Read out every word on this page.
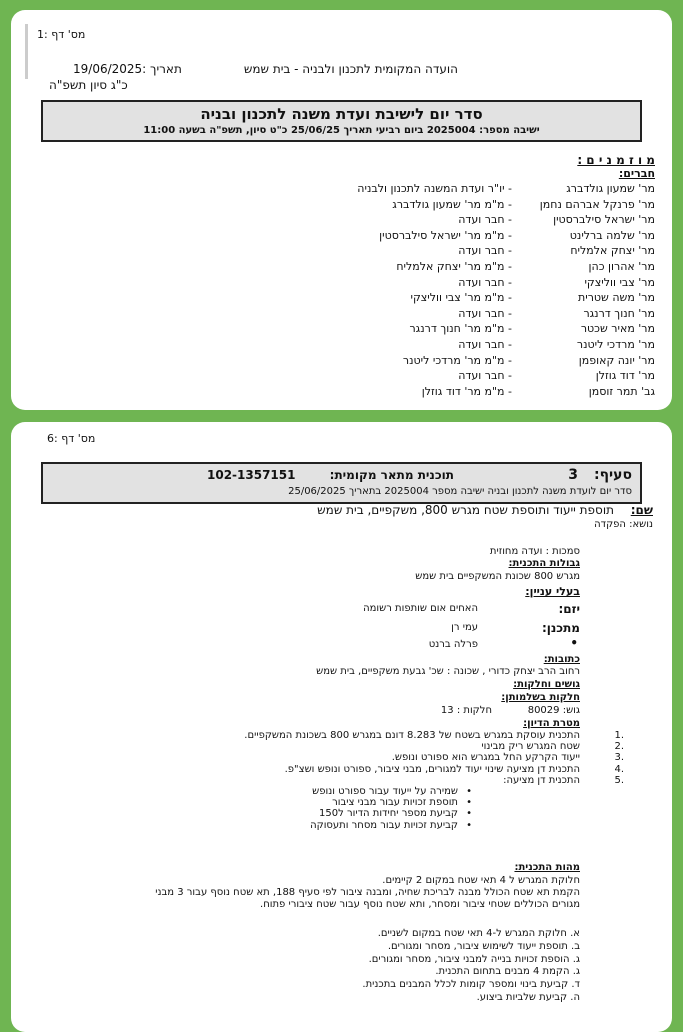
מס' דף :1
תאריך :19/06/2025
כ"ג סיון תשפ"ה
הועדה המקומית לתכנון ולבניה - בית שמש
סדר יום לישיבת ועדת משנה לתכנון ובניה
ישיבה מספר: 2025004 ביום רביעי תאריך 25/06/25 כ"ט סיון, תשפ"ה בשעה 11:00
מ ו ז מ נ י ם :
חברים:
מר' שמעון גולדברג
- יו"ר ועדת המשנה לתכנון ולבניה
מר' פרנקל אברהם נחמן
- מ"מ מר' שמעון גולדברג
מר' ישראל סילברסטין
- חבר ועדה
מר' שלמה ברלינט
- מ"מ מר' ישראל סילברסטין
מר' יצחק אלמליח
- חבר ועדה
מר' אהרון כהן
- מ"מ מר' יצחק אלמליח
מר' צבי ווליצקי
- חבר ועדה
מר' משה שטרית
- מ"מ מר' צבי ווליצקי
מר' חנוך דרנגר
- חבר ועדה
מר' מאיר שכטר
- מ"מ מר' חנוך דרנגר
מר' מרדכי ליטנר
- חבר ועדה
מר' יונה קאופמן
- מ"מ מר' מרדכי ליטנר
מר' דוד גוזלן
- חבר ועדה
גב' תמר זוסמן
- מ"מ מר' דוד גוזלן
מס' דף :6
סעיף:
3
תוכנית מתאר מקומית:
102-1357151
סדר יום לועדת משנה לתכנון ובניה ישיבה מספר 2025004 בתאריך 25/06/2025
שם:
תוספת ייעוד ותוספת שטח מגרש 800, משקפיים, בית שמש
נושא: הפקדה
סמכות : ועדה מחוזית
גבולות התכנית:
מגרש 800 שכונת המשקפיים בית שמש
בעלי עניין:
יזם:
האחים אום שותפות רשומה
מתכנן:
עמי רן
•
פרלה ברנט
כתובות:
רחוב הרב יצחק כדורי , שכונה : שכ' גבעת משקפיים, בית שמש
גושים וחלקות:
חלקות בשלמותן:
גוש: 80029
חלקות : 13
מטרת הדיון:
1.
התכנית עוסקת במגרש בשטח של 8.283 דונם במגרש 800 בשכונת המשקפיים.
2.
שטח המגרש ריק מבינוי
3.
ייעוד הקרקע החל במגרש הוא ספורט ונופש.
4.
התכנית דן מציעה שינוי יעוד למגורים, מבני ציבור, ספורט ונופש ושצ"פ.
5.
התכנית דן מציעה:
•
שמירה על ייעוד עבור ספורט ונופש
•
תוספת זכויות עבור מבני ציבור
•
קביעת מספר יחידות הדיור ל150
•
קביעת זכויות עבור מסחר ותעסוקה
מהות התכנית:
חלוקת המגרש ל 4 תאי שטח במקום 2 קיימים.
הקמת תא שטח הכולל מבנה לבריכת שחיה, ומבנה ציבור לפי סעיף 188, תא שטח נוסף עבור 3 מבני
מגורים הכוללים שטחי ציבור ומסחר, ותא שטח נוסף עבור שטח ציבורי פתוח.
א. חלוקת המגרש ל-4 תאי שטח במקום לשניים.
ב. תוספת ייעוד לשימוש ציבור, מסחר ומגורים.
ג. הוספת זכויות בנייה למבני ציבור, מסחר ומגורים.
ג. הקמת 4 מבנים בתחום התכנית.
ד. קביעת בינוי ומספר קומות לכלל המבנים בתכנית.
ה. קביעת שלביות ביצוע.
